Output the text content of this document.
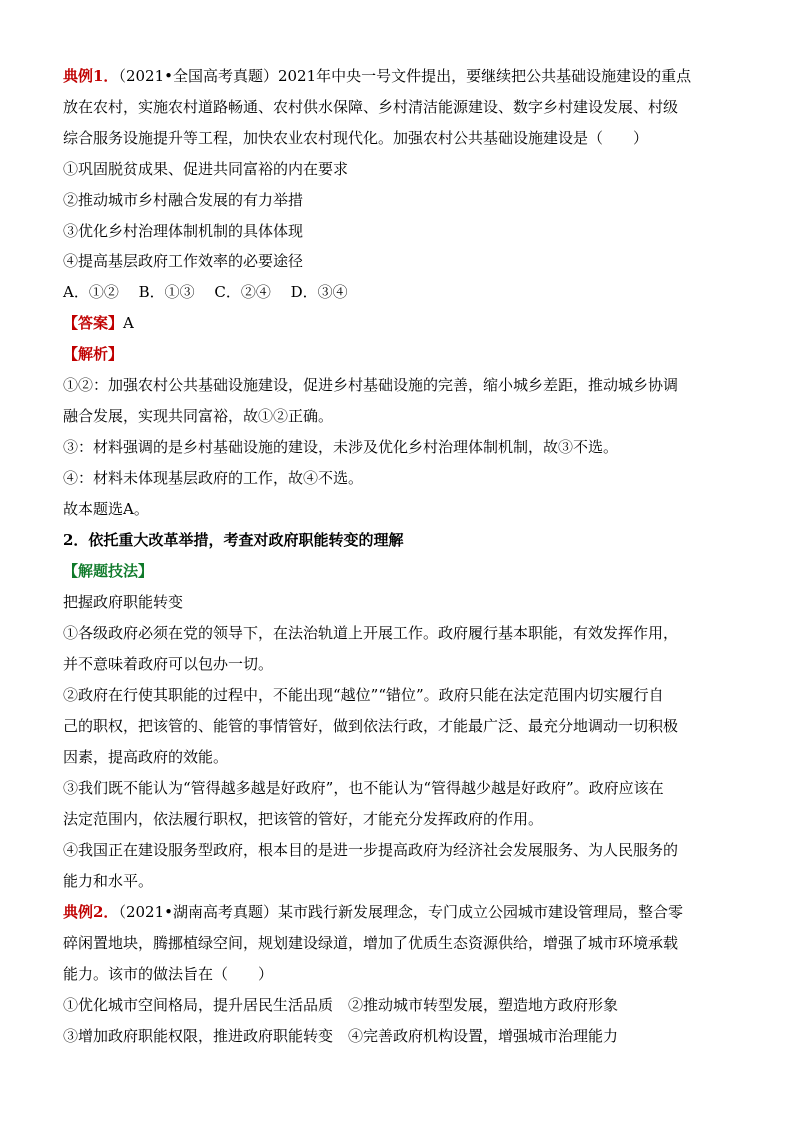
典例1．（2021•全国高考真题）2021年中央一号文件提出，要继续把公共基础设施建设的重点
放在农村，实施农村道路畅通、农村供水保障、乡村清洁能源建设、数字乡村建设发展、村级
综合服务设施提升等工程，加快农业农村现代化。加强农村公共基础设施建设是（　　）
①巩固脱贫成果、促进共同富裕的内在要求
②推动城市乡村融合发展的有力举措
③优化乡村治理体制机制的具体体现
④提高基层政府工作效率的必要途径
A．①②　 B．①③　 C．②④　 D．③④
【答案】A
【解析】
①②：加强农村公共基础设施建设，促进乡村基础设施的完善，缩小城乡差距，推动城乡协调
融合发展，实现共同富裕，故①②正确。
③：材料强调的是乡村基础设施的建设，未涉及优化乡村治理体制机制，故③不选。
④：材料未体现基层政府的工作，故④不选。
故本题选A。
2．依托重大改革举措，考查对政府职能转变的理解
【解题技法】
把握政府职能转变
①各级政府必须在党的领导下，在法治轨道上开展工作。政府履行基本职能，有效发挥作用，
并不意味着政府可以包办一切。
②政府在行使其职能的过程中，不能出现“越位”“错位”。政府只能在法定范围内切实履行自
己的职权，把该管的、能管的事情管好，做到依法行政，才能最广泛、最充分地调动一切积极
因素，提高政府的效能。
③我们既不能认为“管得越多越是好政府”，也不能认为“管得越少越是好政府”。政府应该在
法定范围内，依法履行职权，把该管的管好，才能充分发挥政府的作用。
④我国正在建设服务型政府，根本目的是进一步提高政府为经济社会发展服务、为人民服务的
能力和水平。
典例2．（2021•湖南高考真题）某市践行新发展理念，专门成立公园城市建设管理局，整合零
碎闲置地块，腾挪植绿空间，规划建设绿道，增加了优质生态资源供给，增强了城市环境承载
能力。该市的做法旨在（　　）
①优化城市空间格局，提升居民生活品质　②推动城市转型发展，塑造地方政府形象
③增加政府职能权限，推进政府职能转变　④完善政府机构设置，增强城市治理能力
